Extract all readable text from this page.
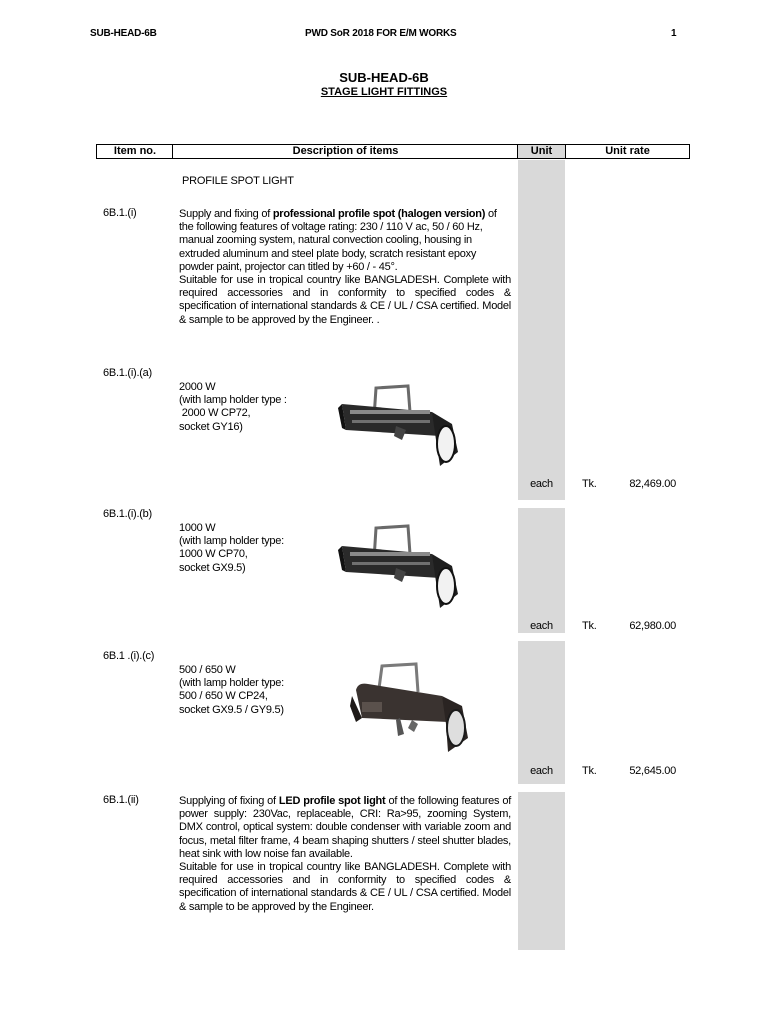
SUB-HEAD-6B	PWD SoR 2018 FOR E/M WORKS	1
SUB-HEAD-6B
STAGE LIGHT FITTINGS
Item no.	Description of items	Unit	Unit rate
PROFILE SPOT LIGHT
6B.1.(i)	Supply and fixing of professional profile spot (halogen version) of the following features of voltage rating: 230 / 110 V ac, 50 / 60 Hz, manual zooming system, natural convection cooling, housing in extruded aluminum and steel plate body, scratch resistant epoxy powder paint, projector can titled by +60 / - 45°.
Suitable for use in tropical country like BANGLADESH. Complete with required accessories and in conformity to specified codes & specification of international standards & CE / UL / CSA certified. Model & sample to be approved by the Engineer. .
6B.1.(i).(a)
2000 W
(with lamp holder type :
2000 W CP72,
socket GY16)
each	Tk.	82,469.00
6B.1.(i).(b)
1000 W
(with lamp holder type:
1000 W CP70,
socket GX9.5)
each	Tk.	62,980.00
6B.1 .(i).(c)
500 / 650 W
(with lamp holder type:
500 / 650 W CP24,
socket GX9.5 / GY9.5)
each	Tk.	52,645.00
6B.1.(ii)	Supplying of fixing of LED profile spot light of the following features of power supply: 230Vac, replaceable, CRI: Ra>95, zooming System, DMX control, optical system: double condenser with variable zoom and focus, metal filter frame, 4 beam shaping shutters / steel shutter blades, heat sink with low noise fan available.
Suitable for use in tropical country like BANGLADESH. Complete with required accessories and in conformity to specified codes & specification of international standards & CE / UL / CSA certified. Model & sample to be approved by the Engineer.
